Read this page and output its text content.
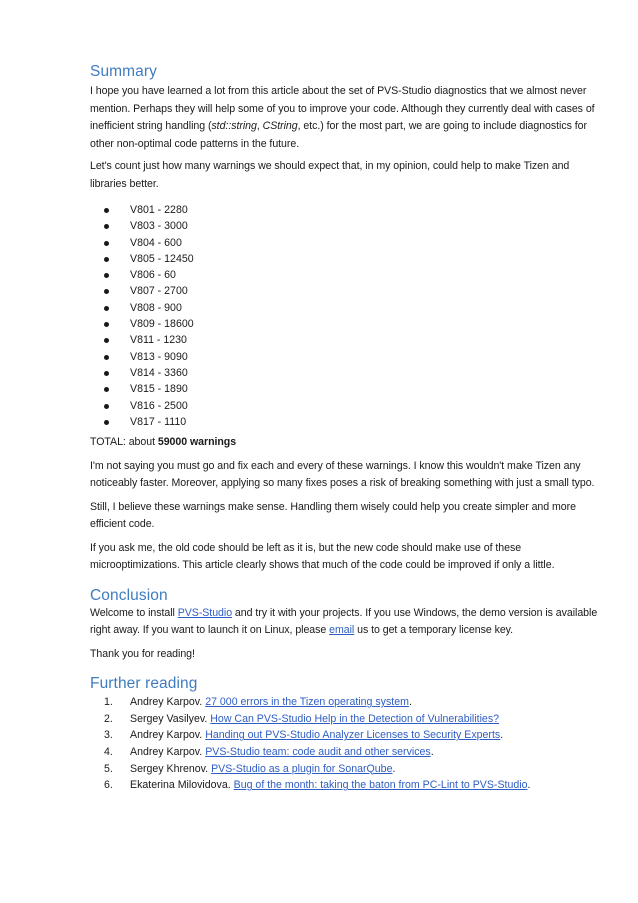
Summary

I hope you have learned a lot from this article about the set of PVS-Studio diagnostics that we almost never mention. Perhaps they will help some of you to improve your code. Although they currently deal with cases of inefficient string handling (std::string, CString, etc.) for the most part, we are going to include diagnostics for other non-optimal code patterns in the future.

Let's count just how many warnings we should expect that, in my opinion, could help to make Tizen and libraries better.

V801 - 2280
V803 - 3000
V804 - 600
V805 - 12450
V806 - 60
V807 - 2700
V808 - 900
V809 - 18600
V811 - 1230
V813 - 9090
V814 - 3360
V815 - 1890
V816 - 2500
V817 - 1110

TOTAL: about 59000 warnings

I'm not saying you must go and fix each and every of these warnings. I know this wouldn't make Tizen any noticeably faster. Moreover, applying so many fixes poses a risk of breaking something with just a small typo.

Still, I believe these warnings make sense. Handling them wisely could help you create simpler and more efficient code.

If you ask me, the old code should be left as it is, but the new code should make use of these microoptimizations. This article clearly shows that much of the code could be improved if only a little.

Conclusion

Welcome to install PVS-Studio and try it with your projects. If you use Windows, the demo version is available right away. If you want to launch it on Linux, please email us to get a temporary license key.

Thank you for reading!

Further reading
1. Andrey Karpov. 27 000 errors in the Tizen operating system.
2. Sergey Vasilyev. How Can PVS-Studio Help in the Detection of Vulnerabilities?
3. Andrey Karpov. Handing out PVS-Studio Analyzer Licenses to Security Experts.
4. Andrey Karpov. PVS-Studio team: code audit and other services.
5. Sergey Khrenov. PVS-Studio as a plugin for SonarQube.
6. Ekaterina Milovidova. Bug of the month: taking the baton from PC-Lint to PVS-Studio.
